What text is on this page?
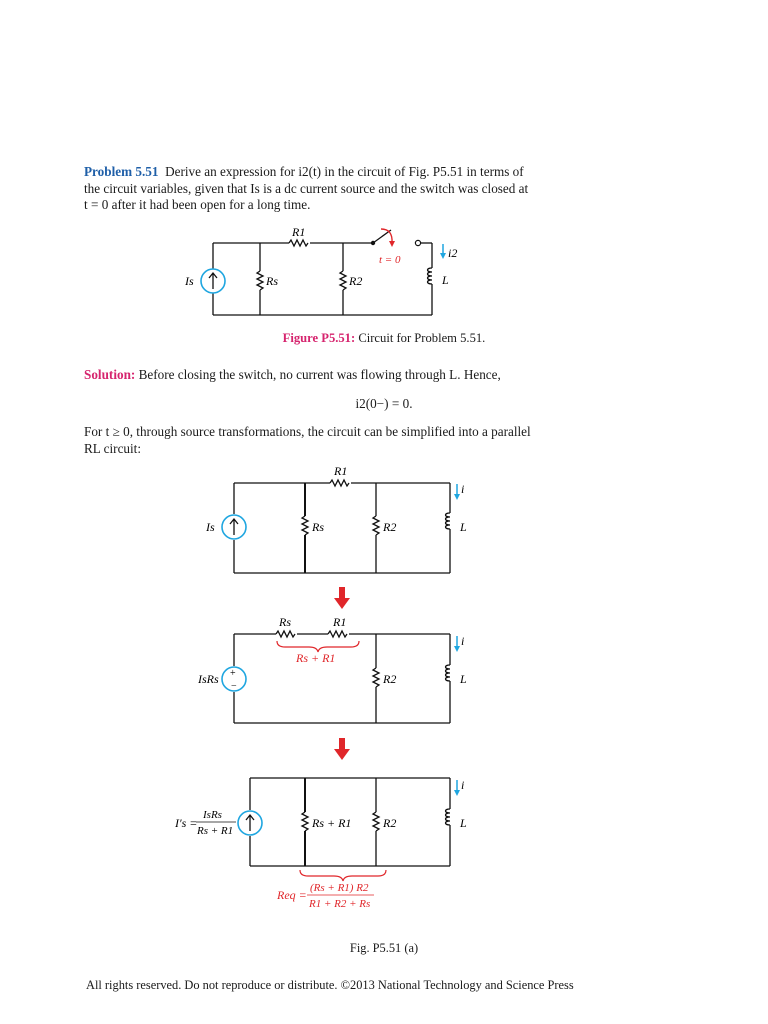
Problem 5.51 Derive an expression for i2(t) in the circuit of Fig. P5.51 in terms of
the circuit variables, given that Is is a dc current source and the switch was closed at
t = 0 after it had been open for a long time.
R1
Is	Rs	R2	L
i2
t = 0
Figure P5.51: Circuit for Problem 5.51.
Solution: Before closing the switch, no current was flowing through L. Hence,
i2(0−) = 0.
For t ≥ 0, through source transformations, the circuit can be simplified into a parallel
RL circuit:
R1
Is	Rs	R2	L
i
+
−
Rs	R1
Rs + R1
IsRs	R2	L
i
I′s =
IsRs
Rs + R1
Rs + R1	R2	L
i
Req = (Rs + R1) R2
R1 + R2 + Rs
Fig. P5.51 (a)
All rights reserved. Do not reproduce or distribute. ©2013 National Technology and Science Press
